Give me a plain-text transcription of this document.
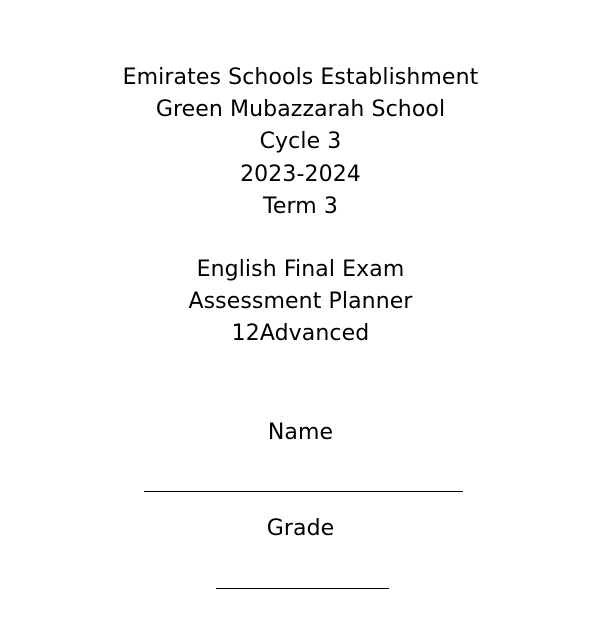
Emirates Schools Establishment
Green Mubazzarah School
Cycle 3
2023-2024
Term 3
English Final Exam
Assessment Planner
12Advanced
Name
Grade
